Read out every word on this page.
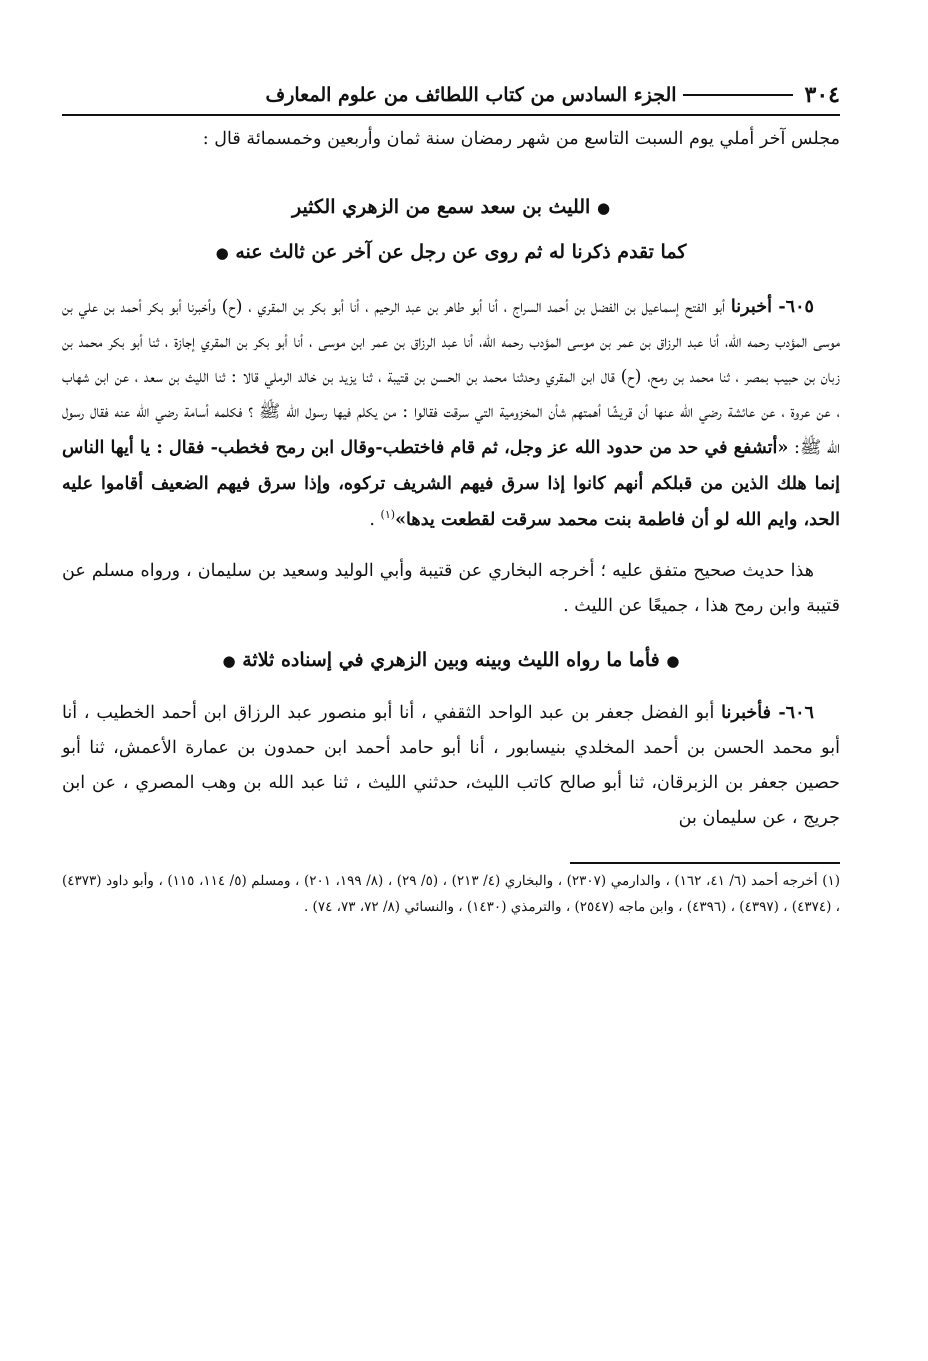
٣٠٤
الجزء السادس من كتاب اللطائف من علوم المعارف

مجلس آخر أملي يوم السبت التاسع من شهر رمضان سنة ثمان وأربعين وخمسمائة قال :

● الليث بن سعد سمع من الزهري الكثير

كما تقدم ذكرنا له ثم روى عن رجل عن آخر عن ثالث عنه ●

٦٠٥- أخبرنا أبو الفتح إسماعيل بن الفضل بن أحمد السراج ، أنا أبو طاهر بن عبد الرحيم ، أنا أبو بكر بن المقري ، (ح) وأخبرنا أبو بكر أحمد بن علي بن موسى المؤدب رحمه الله، أنا عبد الرزاق بن عمر بن موسى المؤدب رحمه الله، أنا عبد الرزاق بن عمر ابن موسى ، أنا أبو بكر بن المقري إجازة ، ثنا أبو بكر محمد بن زبان بن حبيب بمصر ، ثنا محمد بن رمح، (ح) قال ابن المقري وحدثنا محمد بن الحسن بن قتيبة ، ثنا يزيد بن خالد الرملي قالا : ثنا الليث بن سعد ، عن ابن شهاب ، عن عروة ، عن عائشة رضي الله عنها أن قريشًا أهمتهم شأن المخزومية التي سرقت فقالوا : من يكلم فيها رسول الله ﷺ ؟ فكلمه أسامة رضي الله عنه فقال رسول الله ﷺ: «أتشفع في حد من حدود الله عز وجل، ثم قام فاختطب-وقال ابن رمح فخطب- فقال : يا أيها الناس إنما هلك الذين من قبلكم أنهم كانوا إذا سرق فيهم الشريف تركوه، وإذا سرق فيهم الضعيف أقاموا عليه الحد، وايم الله لو أن فاطمة بنت محمد سرقت لقطعت يدها»$^{(١)}$ .

هذا حديث صحيح متفق عليه ؛ أخرجه البخاري عن قتيبة وأبي الوليد وسعيد بن سليمان ، ورواه مسلم عن قتيبة وابن رمح هذا ، جميعًا عن الليث .

● فأما ما رواه الليث وبينه وبين الزهري في إسناده ثلاثة ●

٦٠٦- فأخبرنا أبو الفضل جعفر بن عبد الواحد الثقفي ، أنا أبو منصور عبد الرزاق ابن أحمد الخطيب ، أنا أبو محمد الحسن بن أحمد المخلدي بنيسابور ، أنا أبو حامد أحمد ابن حمدون بن عمارة الأعمش، ثنا أبو حصين جعفر بن الزبرقان، ثنا أبو صالح كاتب الليث، حدثني الليث ، ثنا عبد الله بن وهب المصري ، عن ابن جريج ، عن سليمان بن

(١) أخرجه أحمد (٦/ ٤١، ١٦٢) ، والدارمي (٢٣٠٧) ، والبخاري (٤/ ٢١٣) ، (٥/ ٢٩) ، (٨/ ١٩٩، ٢٠١) ، ومسلم (٥/ ١١٤، ١١٥) ، وأبو داود (٤٣٧٣) ، (٤٣٧٤) ، (٤٣٩٧) ، (٤٣٩٦) ، وابن ماجه (٢٥٤٧) ، والترمذي (١٤٣٠) ، والنسائي (٨/ ٧٢، ٧٣، ٧٤) .
